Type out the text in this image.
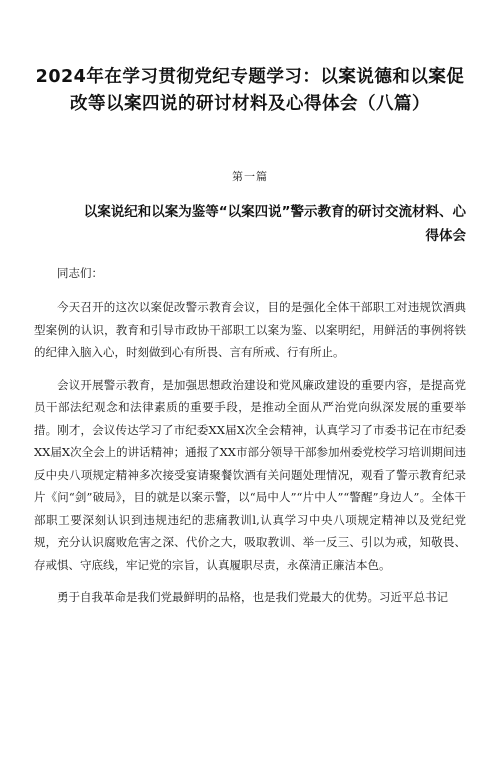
2024年在学习贯彻党纪专题学习：以案说德和以案促改等以案四说的研讨材料及心得体会（八篇）
第一篇
以案说纪和以案为鉴等“以案四说”警示教育的研讨交流材料、心得体会
同志们：

今天召开的这次以案促改警示教育会议，目的是强化全体干部职工对违规饮酒典型案例的认识，教育和引导市政协干部职工以案为鉴、以案明纪，用鲜活的事例将铁的纪律入脑入心，时刻做到心有所畏、言有所戒、行有所止。

会议开展警示教育，是加强思想政治建设和党风廉政建设的重要内容，是提高党员干部法纪观念和法律素质的重要手段，是推动全面从严治党向纵深发展的重要举措。刚才，会议传达学习了市纪委XX届X次全会精神，认真学习了市委书记在市纪委XX届X次全会上的讲话精神；通报了XX市部分领导干部参加州委党校学习培训期间违反中央八项规定精神多次接受宴请聚餐饮酒有关问题处理情况，观看了警示教育纪录片《问“剑”破局》，目的就是以案示警，以“局中人”“片中人”“警醒”身边人”。全体干部职工要深刻认识到违规违纪的悲痛教训l,认真学习中央八项规定精神以及党纪党规，充分认识腐败危害之深、代价之大，吸取教训、举一反三、引以为戒，知敬畏、存戒惧、守底线，牢记党的宗旨，认真履职尽责，永葆清正廉洁本色。

勇于自我革命是我们党最鲜明的品格，也是我们党最大的优势。习近平总书记
